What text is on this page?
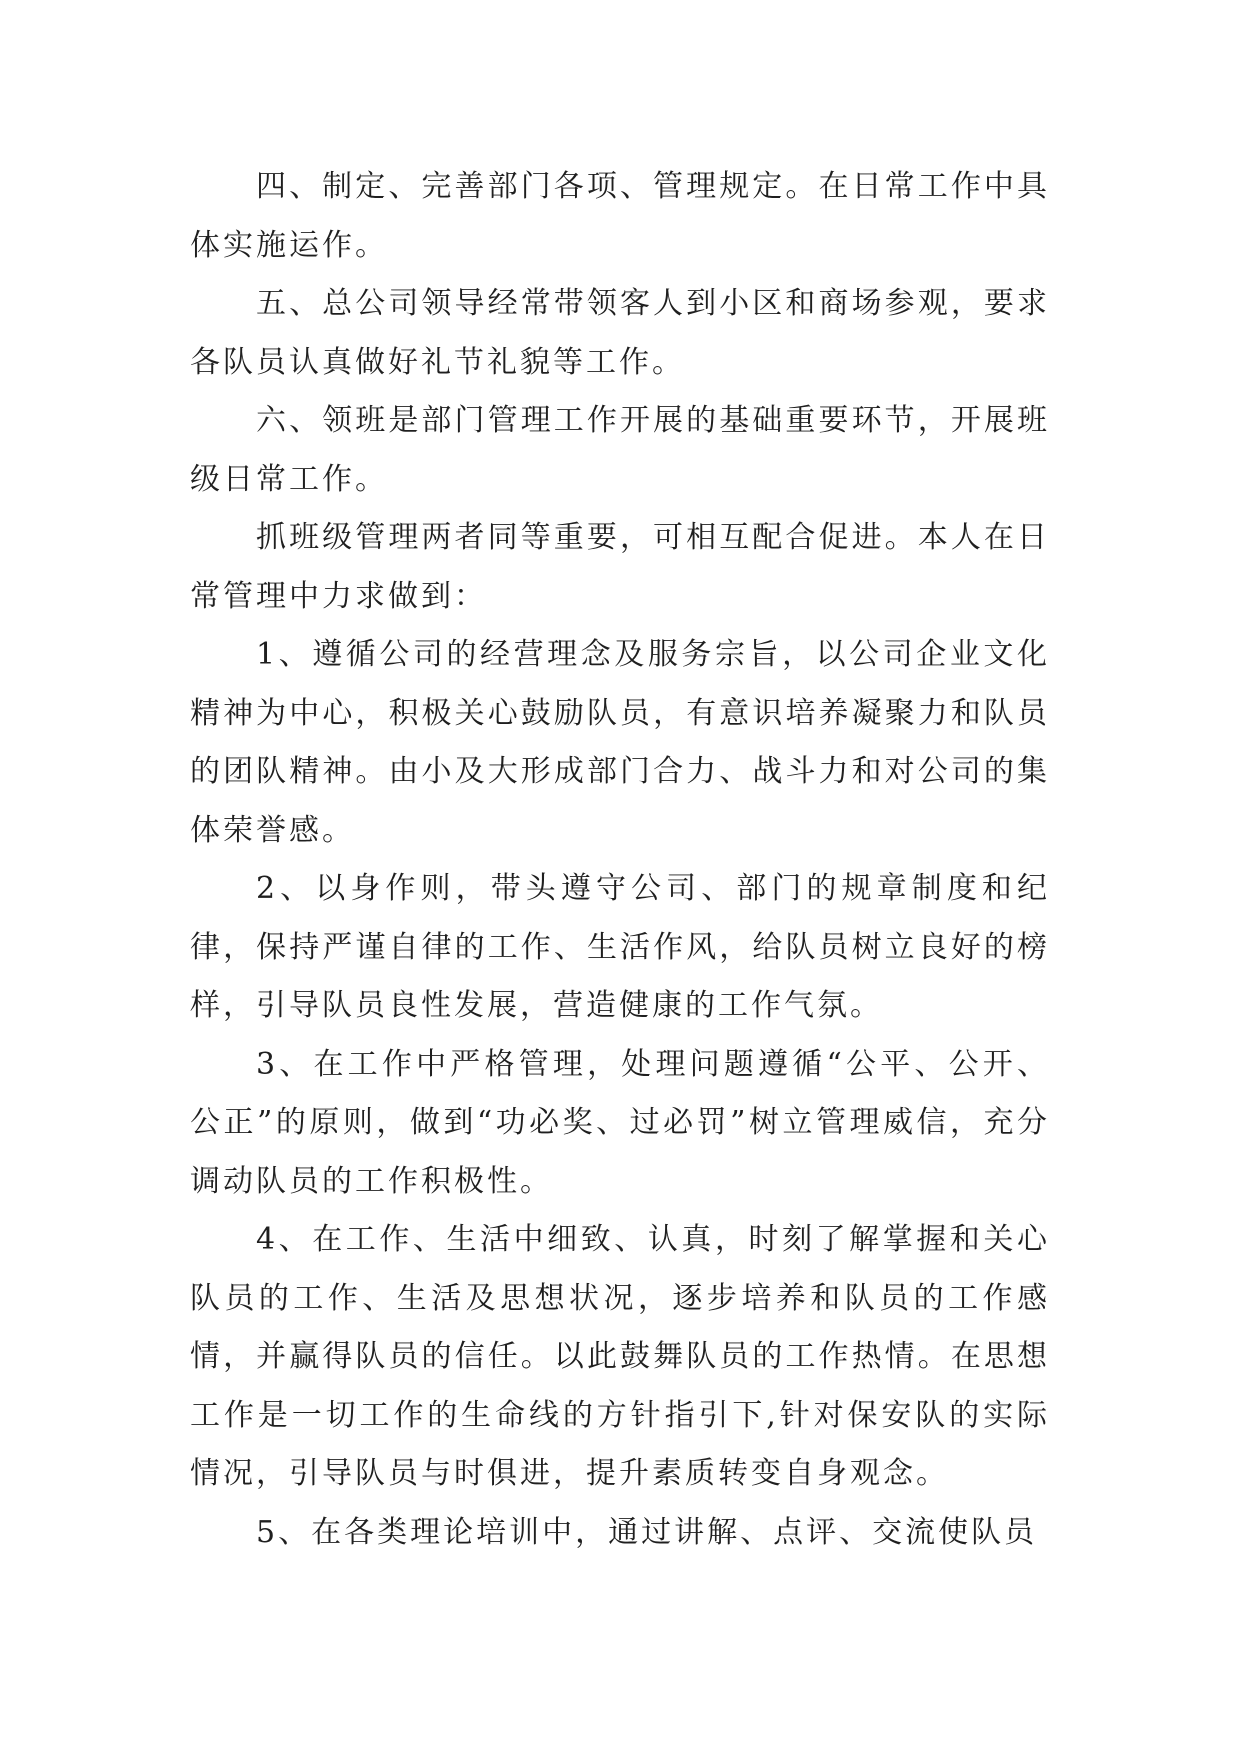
四、制定、完善部门各项、管理规定。在日常工作中具体实施运作。

五、总公司领导经常带领客人到小区和商场参观，要求各队员认真做好礼节礼貌等工作。

六、领班是部门管理工作开展的基础重要环节，开展班级日常工作。

抓班级管理两者同等重要，可相互配合促进。本人在日常管理中力求做到：

1、遵循公司的经营理念及服务宗旨，以公司企业文化精神为中心，积极关心鼓励队员，有意识培养凝聚力和队员的团队精神。由小及大形成部门合力、战斗力和对公司的集体荣誉感。

2、以身作则，带头遵守公司、部门的规章制度和纪律，保持严谨自律的工作、生活作风，给队员树立良好的榜样，引导队员良性发展，营造健康的工作气氛。

3、在工作中严格管理，处理问题遵循“公平、公开、公正”的原则，做到“功必奖、过必罚”树立管理威信，充分调动队员的工作积极性。

4、在工作、生活中细致、认真，时刻了解掌握和关心队员的工作、生活及思想状况，逐步培养和队员的工作感情，并赢得队员的信任。以此鼓舞队员的工作热情。在思想工作是一切工作的生命线的方针指引下,针对保安队的实际情况，引导队员与时俱进，提升素质转变自身观念。

5、在各类理论培训中，通过讲解、点评、交流使队员
